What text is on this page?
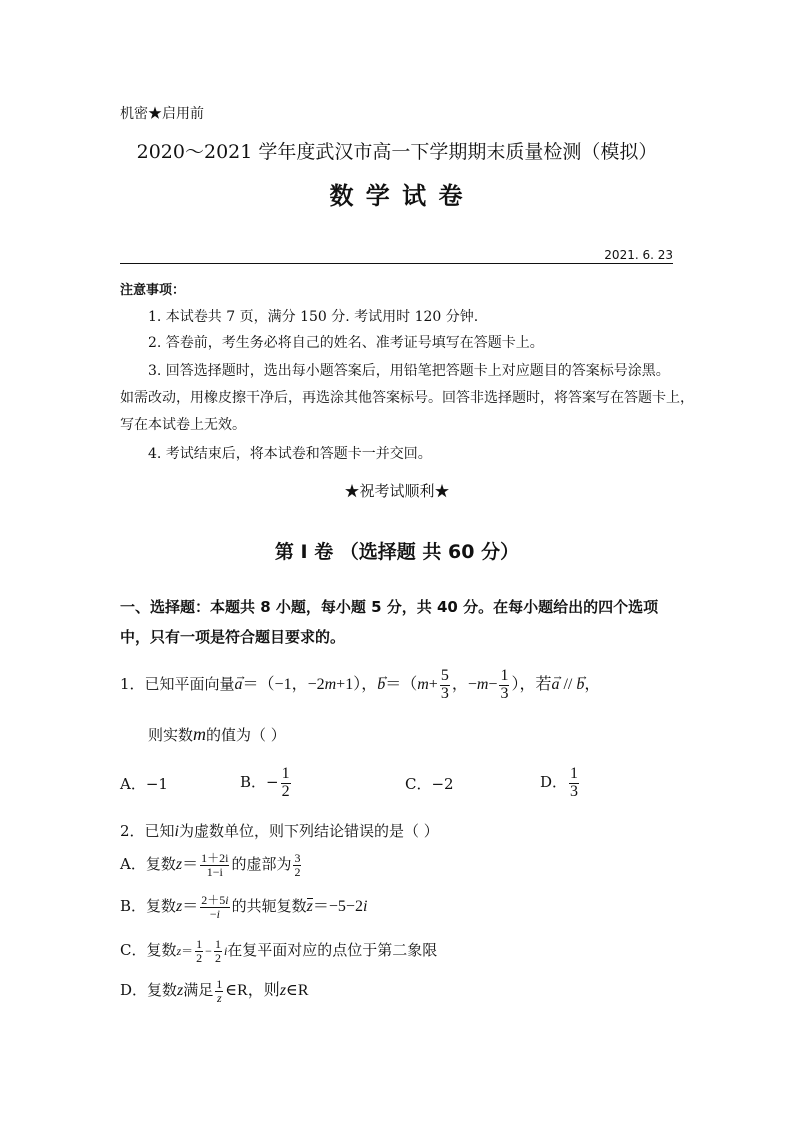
机密★启用前
2020～2021 学年度武汉市高一下学期期末质量检测（模拟）
数 学 试 卷
2021. 6. 23
注意事项：
1. 本试卷共 7 页，满分 150 分. 考试用时 120 分钟.
2. 答卷前，考生务必将自己的姓名、准考证号填写在答题卡上。
3. 回答选择题时，选出每小题答案后，用铅笔把答题卡上对应题目的答案标号涂黑。
如需改动，用橡皮擦干净后，再选涂其他答案标号。回答非选择题时，将答案写在答题卡上，
写在本试卷上无效。
4. 考试结束后，将本试卷和答题卡一并交回。
★祝考试顺利★
第 Ⅰ 卷 （选择题 共 60 分）
一、选择题：本题共 8 小题，每小题 5 分，共 40 分。在每小题给出的四个选项
中，只有一项是符合题目要求的。
1．已知平面向量→ a＝（−1，−2m+1），→ $b=(m+ \frac{5}{3}$ ，$-m- \frac{1}{3}$ ），若→ a // → b，
则实数m的值为（ ）
A．−1	B．− $\frac{1}{2}$	C．−2	D． $\frac{1}{3}$
2．已知i为虚数单位，则下列结论错误的是（ ）
A．复数$z= \frac{1+2i}{1-i}$ 的虚部为 $\frac{3}{2}$
B．复数$z= \frac{2+5i}{-i}$ 的共轭复数z＝−5−2i
C．复数$z= \frac{1}{2} - \frac{1}{2}$ i在复平面对应的点位于第二象限
D．复数z满足 $\frac{1}{z}$ ∈R，则z∈R
